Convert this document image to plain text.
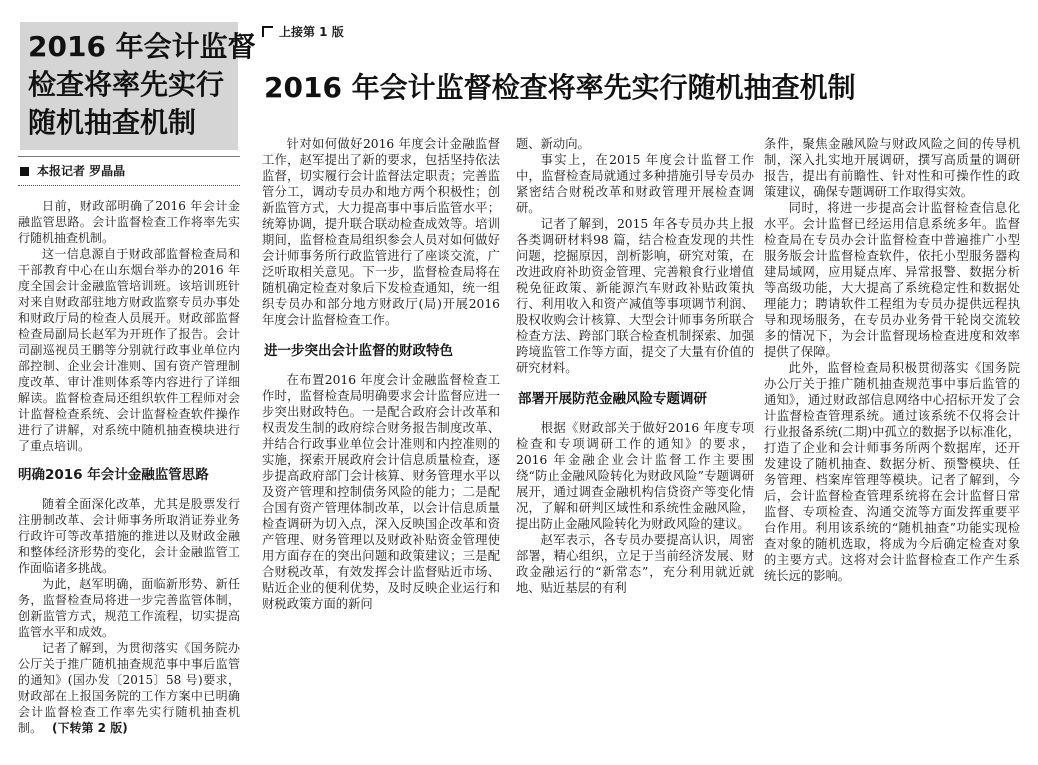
2016 年会计监督
检查将率先实行
随机抽查机制
本报记者 罗晶晶

日前，财政部明确了2016 年会计金融监管思路。会计监督检查工作将率先实行随机抽查机制。

这一信息源自于财政部监督检查局和干部教育中心在山东烟台举办的2016 年度全国会计金融监管培训班。该培训班针对来自财政部驻地方财政监察专员办事处和财政厅局的检查人员展开。财政部监督检查局副局长赵军为开班作了报告。会计司副巡视员王鹏等分别就行政事业单位内部控制、企业会计准则、国有资产管理制度改革、审计准则体系等内容进行了详细解读。监督检查局还组织软件工程师对会计监督检查系统、会计监督检查软件操作进行了讲解，对系统中随机抽查模块进行了重点培训。

明确2016 年会计金融监管思路

随着全面深化改革，尤其是股票发行注册制改革、会计师事务所取消证券业务行政许可等改革措施的推进以及财政金融和整体经济形势的变化，会计金融监管工作面临诸多挑战。

为此，赵军明确，面临新形势、新任务，监督检查局将进一步完善监管体制，创新监管方式，规范工作流程，切实提高监管水平和成效。

记者了解到，为贯彻落实《国务院办公厅关于推广随机抽查规范事中事后监管的通知》(国办发〔2015〕58 号)要求，财政部在上报国务院的工作方案中已明确会计监督检查工作率先实行随机抽查机制。 (下转第 2 版)

上接第 1 版
2016 年会计监督检查将率先实行随机抽查机制

针对如何做好2016 年度会计金融监督工作，赵军提出了新的要求，包括坚持依法监督，切实履行会计监督法定职责；完善监管分工，调动专员办和地方两个积极性；创新监管方式，大力提高事中事后监管水平；统筹协调，提升联合联动检查成效等。培训期间，监督检查局组织参会人员对如何做好会计师事务所行政监管进行了座谈交流，广泛听取相关意见。下一步，监督检查局将在随机确定检查对象后下发检查通知，统一组织专员办和部分地方财政厅(局)开展2016 年度会计监督检查工作。

进一步突出会计监督的财政特色

在布置2016 年度会计金融监督检查工作时，监督检查局明确要求会计监督应进一步突出财政特色。一是配合政府会计改革和权责发生制的政府综合财务报告制度改革、并结合行政事业单位会计准则和内控准则的实施，探索开展政府会计信息质量检查，逐步提高政府部门会计核算、财务管理水平以及资产管理和控制债务风险的能力；二是配合国有资产管理体制改革，以会计信息质量检查调研为切入点，深入反映国企改革和资产管理、财务管理以及财政补贴资金管理使用方面存在的突出问题和政策建议；三是配合财税改革，有效发挥会计监督贴近市场、贴近企业的便利优势，及时反映企业运行和财税政策方面的新问

题、新动向。

事实上，在2015 年度会计监督工作中，监督检查局就通过多种措施引导专员办紧密结合财税改革和财政管理开展检查调研。

记者了解到，2015 年各专员办共上报各类调研材料98 篇，结合检查发现的共性问题，挖掘原因，剖析影响，研究对策，在改进政府补助资金管理、完善粮食行业增值税免征政策、新能源汽车财政补贴政策执行、利用收入和资产减值等事项调节利润、股权收购会计核算、大型会计师事务所联合检查方法、跨部门联合检查机制探索、加强跨境监管工作等方面，提交了大量有价值的研究材料。

部署开展防范金融风险专题调研

根据《财政部关于做好2016 年度专项检查和专项调研工作的通知》的要求，2016 年金融企业会计监督工作主要围绕“防止金融风险转化为财政风险”专题调研展开，通过调查金融机构信贷资产等变化情况，了解和研判区域性和系统性金融风险，提出防止金融风险转化为财政风险的建议。

赵军表示，各专员办要提高认识，周密部署，精心组织，立足于当前经济发展、财政金融运行的“新常态”，充分利用就近就地、贴近基层的有利

条件，聚焦金融风险与财政风险之间的传导机制，深入扎实地开展调研，撰写高质量的调研报告，提出有前瞻性、针对性和可操作性的政策建议，确保专题调研工作取得实效。

同时，将进一步提高会计监督检查信息化水平。会计监督已经运用信息系统多年。监督检查局在专员办会计监督检查中普遍推广小型服务版会计监督检查软件，依托小型服务器构建局域网，应用疑点库、异常报警、数据分析等高级功能，大大提高了系统稳定性和数据处理能力；聘请软件工程组为专员办提供远程执导和现场服务，在专员办业务骨干轮岗交流较多的情况下，为会计监督现场检查进度和效率提供了保障。

此外，监督检查局积极贯彻落实《国务院办公厅关于推广随机抽查规范事中事后监管的通知》，通过财政部信息网络中心招标开发了会计监督检查管理系统。通过该系统不仅将会计行业报备系统(二期)中孤立的数据予以标准化，打造了企业和会计师事务所两个数据库，还开发建设了随机抽查、数据分析、预警模块、任务管理、档案库管理等模块。记者了解到，今后，会计监督检查管理系统将在会计监督日常监督、专项检查、沟通交流等方面发挥重要平台作用。利用该系统的“随机抽查”功能实现检查对象的随机选取，将成为今后确定检查对象的主要方式。这将对会计监督检查工作产生系统长远的影响。
